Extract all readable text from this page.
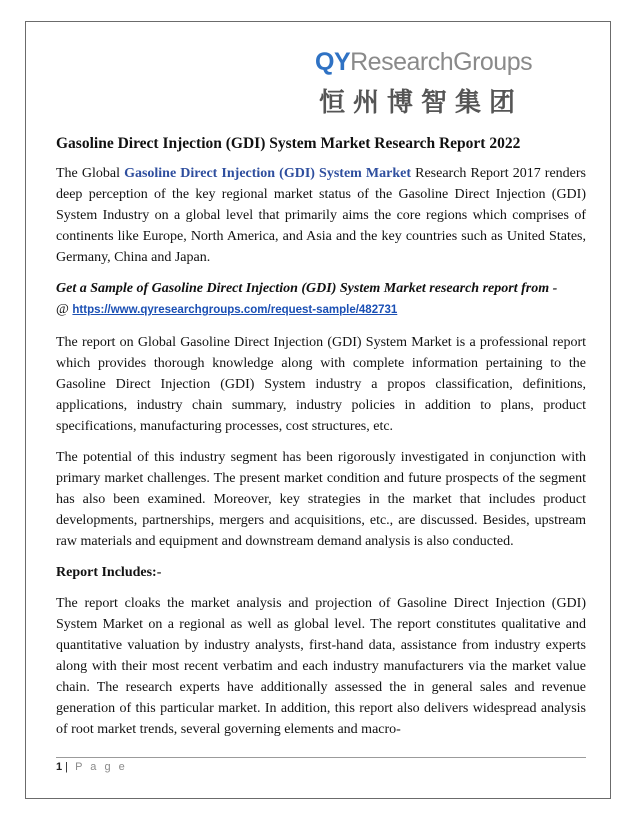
QYResearchGroups
恒州博智集团
Gasoline Direct Injection (GDI) System Market Research Report 2022

The Global Gasoline Direct Injection (GDI) System Market Research Report 2017 renders deep perception of the key regional market status of the Gasoline Direct Injection (GDI) System Industry on a global level that primarily aims the core regions which comprises of continents like Europe, North America, and Asia and the key countries such as United States, Germany, China and Japan.

Get a Sample of Gasoline Direct Injection (GDI) System Market research report from -
@ https://www.qyresearchgroups.com/request-sample/482731

The report on Global Gasoline Direct Injection (GDI) System Market is a professional report which provides thorough knowledge along with complete information pertaining to the Gasoline Direct Injection (GDI) System industry a propos classification, definitions, applications, industry chain summary, industry policies in addition to plans, product specifications, manufacturing processes, cost structures, etc.

The potential of this industry segment has been rigorously investigated in conjunction with primary market challenges. The present market condition and future prospects of the segment has also been examined. Moreover, key strategies in the market that includes product developments, partnerships, mergers and acquisitions, etc., are discussed. Besides, upstream raw materials and equipment and downstream demand analysis is also conducted.

Report Includes:-

The report cloaks the market analysis and projection of Gasoline Direct Injection (GDI) System Market on a regional as well as global level. The report constitutes qualitative and quantitative valuation by industry analysts, first-hand data, assistance from industry experts along with their most recent verbatim and each industry manufacturers via the market value chain. The research experts have additionally assessed the in general sales and revenue generation of this particular market. In addition, this report also delivers widespread analysis of root market trends, several governing elements and macro-

1 | P a g e
